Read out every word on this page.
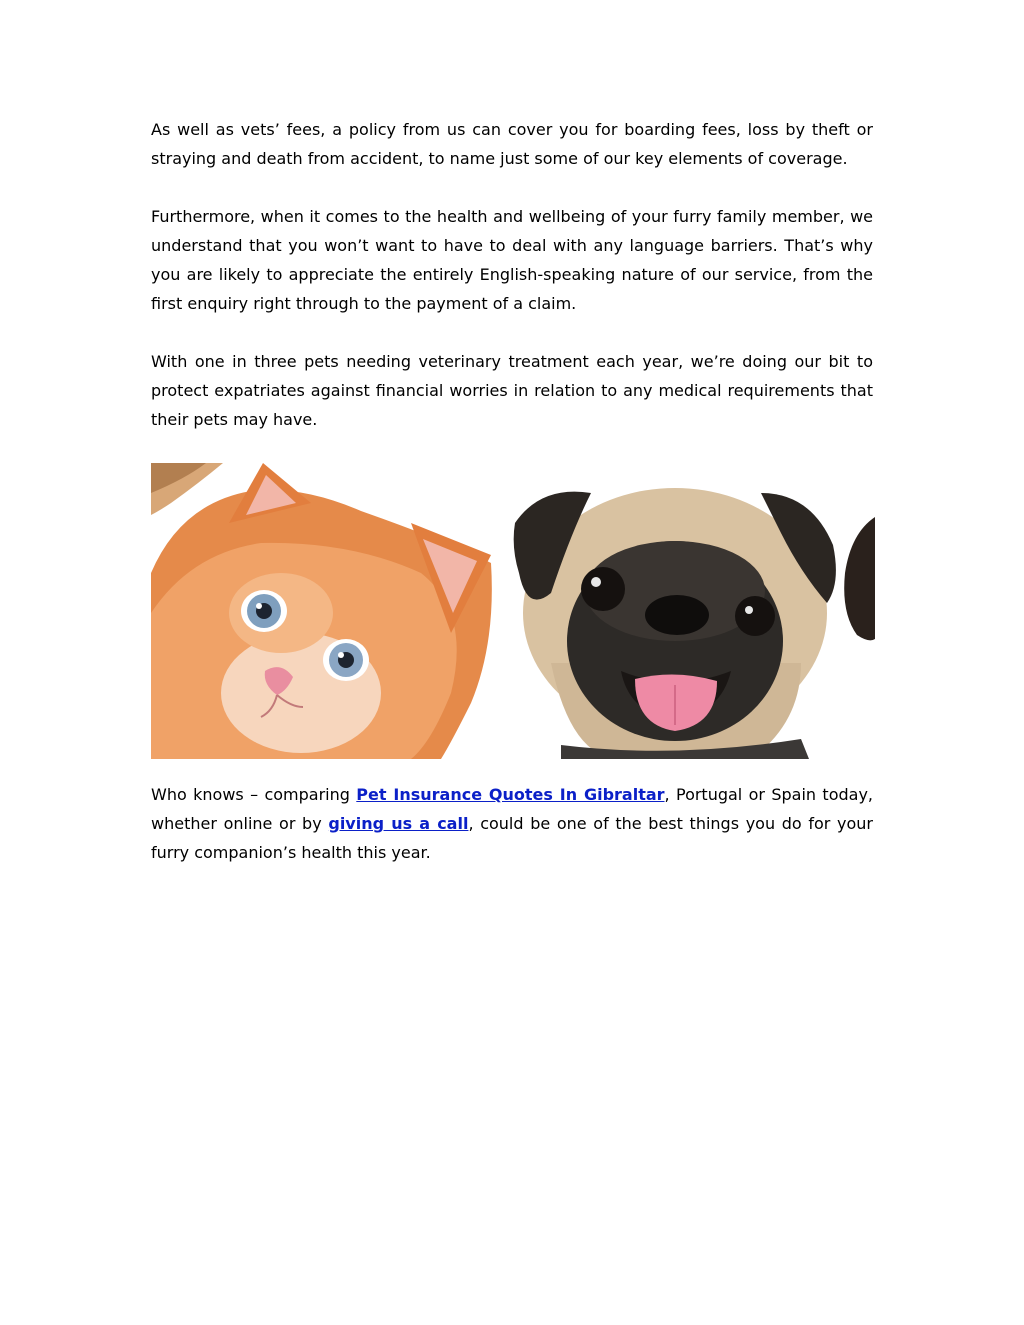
As well as vets’ fees, a policy from us can cover you for boarding fees, loss by theft or straying and death from accident, to name just some of our key elements of coverage.

Furthermore, when it comes to the health and wellbeing of your furry family member, we understand that you won’t want to have to deal with any language barriers. That’s why you are likely to appreciate the entirely English-speaking nature of our service, from the first enquiry right through to the payment of a claim.

With one in three pets needing veterinary treatment each year, we’re doing our bit to protect expatriates against financial worries in relation to any medical requirements that their pets may have.

Who knows – comparing Pet Insurance Quotes In Gibraltar, Portugal or Spain today, whether online or by giving us a call, could be one of the best things you do for your furry companion’s health this year.
